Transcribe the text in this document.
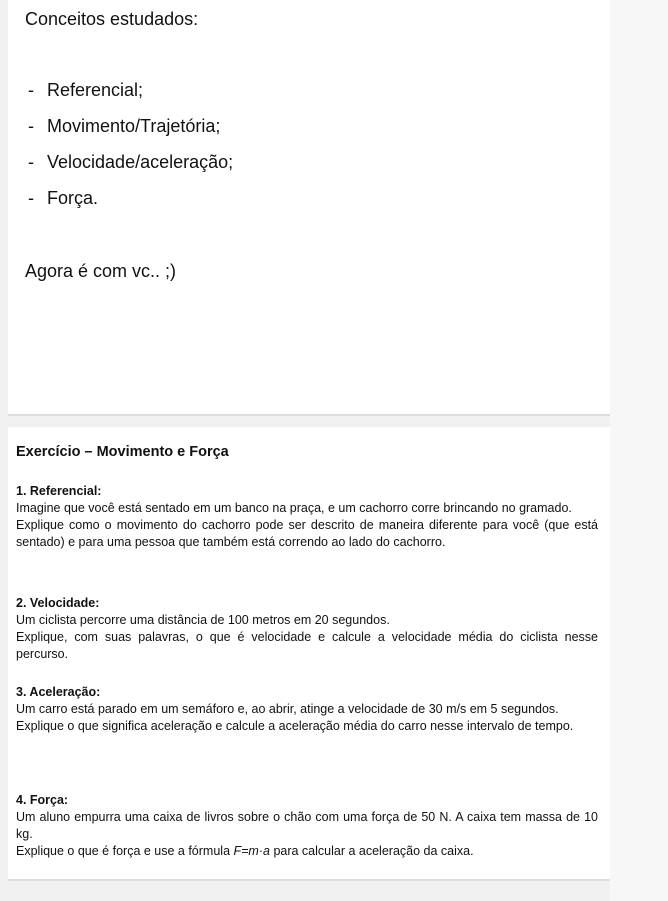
Conceitos estudados:
- Referencial;
- Movimento/Trajetória;
- Velocidade/aceleração;
- Força.

Agora é com vc.. ;)

Exercício – Movimento e Força
1. Referencial:

Imagine que você está sentado em um banco na praça, e um cachorro corre brincando no gramado.

Explique como o movimento do cachorro pode ser descrito de maneira diferente para você (que está sentado) e para uma pessoa que também está correndo ao lado do cachorro.

2. Velocidade:

Um ciclista percorre uma distância de 100 metros em 20 segundos.

Explique, com suas palavras, o que é velocidade e calcule a velocidade média do ciclista nesse percurso.

3. Aceleração:

Um carro está parado em um semáforo e, ao abrir, atinge a velocidade de 30 m/s em 5 segundos.

Explique o que significa aceleração e calcule a aceleração média do carro nesse intervalo de tempo.

4. Força:

Um aluno empurra uma caixa de livros sobre o chão com uma força de 50 N. A caixa tem massa de 10 kg.

Explique o que é força e use a fórmula F=m·a para calcular a aceleração da caixa.
